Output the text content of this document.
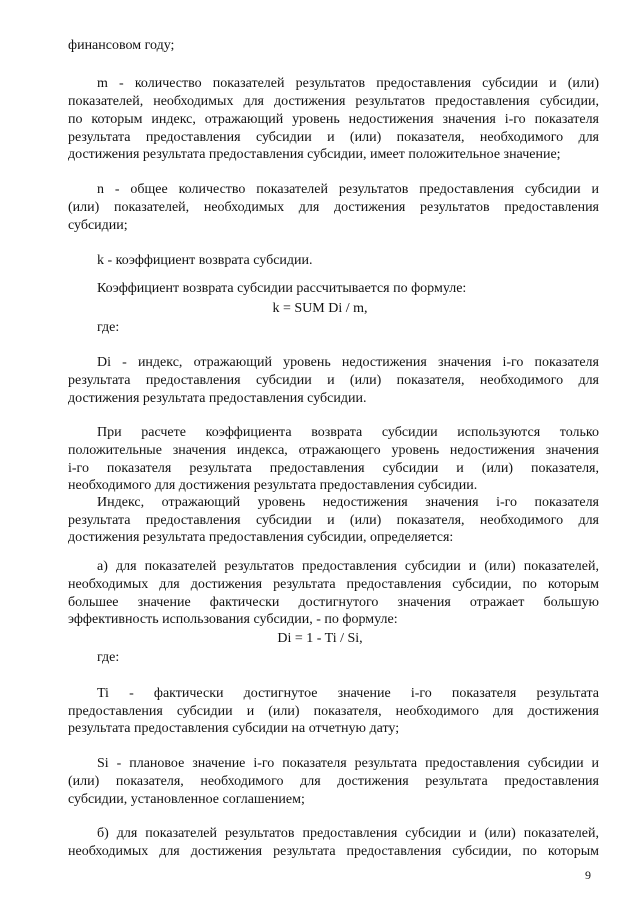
финансовом году;
m - количество показателей результатов предоставления субсидии и (или)
показателей, необходимых для достижения результатов предоставления субсидии,
по которым индекс, отражающий уровень недостижения значения i-го показателя
результата предоставления субсидии и (или) показателя, необходимого для
достижения результата предоставления субсидии, имеет положительное значение;
n - общее количество показателей результатов предоставления субсидии и
(или) показателей, необходимых для достижения результатов предоставления
субсидии;
k - коэффициент возврата субсидии.
Коэффициент возврата субсидии рассчитывается по формуле:
k = SUM Di / m,
где:
Di - индекс, отражающий уровень недостижения значения i-го показателя
результата предоставления субсидии и (или) показателя, необходимого для
достижения результата предоставления субсидии.
При расчете коэффициента возврата субсидии используются только
положительные значения индекса, отражающего уровень недостижения значения
i-го показателя результата предоставления субсидии и (или) показателя,
необходимого для достижения результата предоставления субсидии.
Индекс, отражающий уровень недостижения значения i-го показателя
результата предоставления субсидии и (или) показателя, необходимого для
достижения результата предоставления субсидии, определяется:
а) для показателей результатов предоставления субсидии и (или) показателей,
необходимых для достижения результата предоставления субсидии, по которым
большее значение фактически достигнутого значения отражает большую
эффективность использования субсидии, - по формуле:
Di = 1 - Ti / Si,
где:
Ti - фактически достигнутое значение i-го показателя результата
предоставления субсидии и (или) показателя, необходимого для достижения
результата предоставления субсидии на отчетную дату;
Si - плановое значение i-го показателя результата предоставления субсидии и
(или) показателя, необходимого для достижения результата предоставления
субсидии, установленное соглашением;
б) для показателей результатов предоставления субсидии и (или) показателей,
необходимых для достижения результата предоставления субсидии, по которым
9
